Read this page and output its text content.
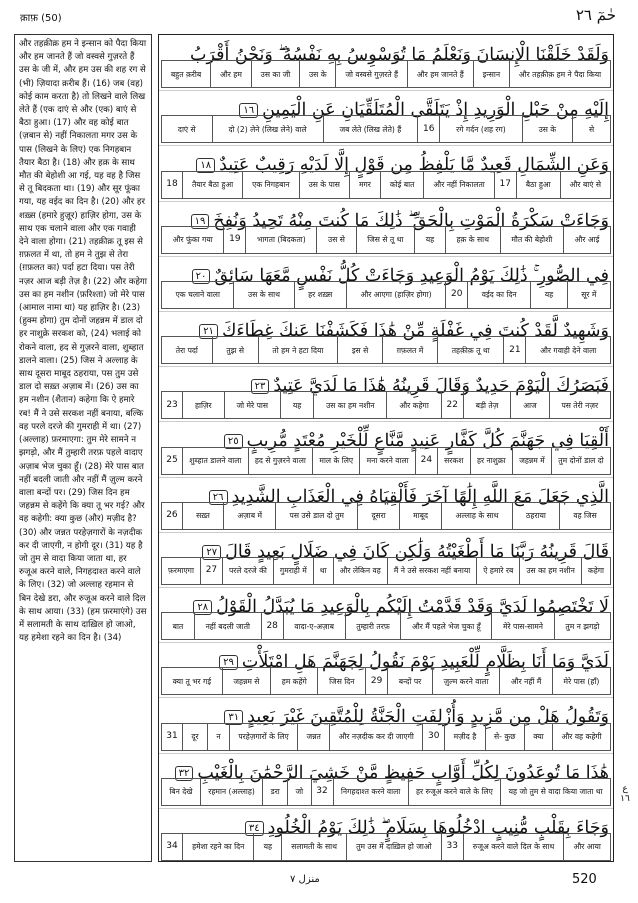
क़ाफ़ (50)	حٰمٓ ٢٦

और तहक़ीक़ हम ने इन्सान को पैदा किया और हम जानते हैं जो वस्वसे गुज़रते हैं उस के जी में, और हम उस की शह रग से (भी) ज़ियादा क़रीब हैं। (16) जब (वह) कोई काम करता है) तो लिखने वाले लिख लेते हैं (एक दाएं से और (एक) बाएं से बैठा हुआ। (17) और वह कोई बात (ज़बान से) नहीं निकालता मगर उस के पास (लिखने के लिए) एक निगहबान तैयार बैठा है। (18) और हक़ के साथ मौत की बेहोशी आ गई, यह वह है जिस से तू बिदकता था। (19) और सूर फूंका गया, यह वईद का दिन है। (20) और हर शख़्स (हमारे हुज़ूर) हाज़िर होगा, उस के साथ एक चलाने वाला और एक गवाही देने वाला होगा। (21) तहक़ीक़ तू इस से ग़फ़लत में था, तो हम ने तुझ से तेरा (ग़फ़लत का) पर्दा हटा दिया। पस तेरी नज़र आज बड़ी तेज़ है। (22) और कहेगा उस का हम नशीन (फ़रिश्ता) जो मेरे पास (आमाल नामा था) यह हाज़िर है। (23) (हुक्म होगा) तुम दोनों जहन्नम में डाल दो हर नाशुक्रे सरकश को, (24) भलाई को रोकने वाला, हद से गुज़रने वाला, शुब्हात डालने वाला। (25) जिस ने अल्लाह के साथ दूसरा माबूद ठहराया, पस तुम उसे डाल दो सख़्त अज़ाब में। (26) उस का हम नशीन (शैतान) कहेगा कि ऐ हमारे रब! मैं ने उसे सरकश नहीं बनाया, बल्कि वह परले दरजे की गुमराही में था। (27) (अल्लाह) फ़रमाएगा: तुम मेरे सामने न झगड़ो, और मैं तुम्हारी तरफ़ पहले वादाए अज़ाब भेज चुका हूँ। (28) मेरे पास बात नहीं बदली जाती और नहीं मैं ज़ुल्म करने वाला बन्दों पर। (29) जिस दिन हम जहन्नम से कहेंगे कि क्या तू भर गई? और वह कहेगी: क्या कुछ (और) मज़ीद है? (30) और जन्नत परहेज़गारों के नज़दीक कर दी जाएगी, न होगी दूर। (31) यह है जो तुम से वादा किया जाता था, हर रुजूअ करने वाले, निगहदाश्त करने वाले के लिए। (32) जो अल्लाह रहमान से बिन देखे डरा, और रुजूअ करने वाले दिल के साथ आया। (33) (हम फ़रमाएंगे) उस में सलामती के साथ दाख़िल हो जाओ, यह हमेशा रहने का दिन है। (34)

وَلَقَدْ خَلَقْنَا الْإِنسَانَ وَنَعْلَمُ مَا تُوَسْوِسُ بِهِ نَفْسُهُ ۖ وَنَحْنُ أَقْرَبُ
और तहक़ीक़ हम ने पैदा किया
इन्सान
और हम जानते हैं
जो वस्वसे गुज़रते हैं
उस के
उस का जी
और हम
बहुत क़रीब
إِلَيْهِ مِنْ حَبْلِ الْوَرِيدِ إِذْ يَتَلَقَّى الْمُتَلَقِّيَانِ عَنِ الْيَمِينِ١٦
से
उस के
रगे गर्दन (शह रग)
16
जब लेते (लिख लेते) हैं
दो (2) लेने (लिख लेने) वाले
दाएं से
وَعَنِ الشِّمَالِ قَعِيدٌ مَّا يَلْفِظُ مِن قَوْلٍ إِلَّا لَدَيْهِ رَقِيبٌ عَتِيدٌ١٨
और बाएं से
बैठा हुआ
17
और नहीं निकालता
कोई बात
मगर
उस के पास
एक निगहबान
तैयार बैठा हुआ
18
وَجَاءَتْ سَكْرَةُ الْمَوْتِ بِالْحَقِّ ۖ ذَٰلِكَ مَا كُنتَ مِنْهُ تَحِيدُ وَنُفِخَ١٩
और आई
मौत की बेहोशी
हक़ के साथ
यह
जिस से तू था
उस से
भागता (बिदकता)
19
और फूंका गया
فِي الصُّورِ ۚ ذَٰلِكَ يَوْمُ الْوَعِيدِ وَجَاءَتْ كُلُّ نَفْسٍ مَّعَهَا سَائِقٌ٢٠
सूर में
यह
वईद का दिन
20
और आएगा (हाज़िर होगा)
हर शख़्स
उस के साथ
एक चलाने वाला
وَشَهِيدٌ لَّقَدْ كُنتَ فِي غَفْلَةٍ مِّنْ هَٰذَا فَكَشَفْنَا عَنكَ غِطَاءَكَ٢١
और गवाही देने वाला
21
तहक़ीक़ तू था
ग़फ़लत में
इस से
तो हम ने हटा दिया
तुझ से
तेरा पर्दा
فَبَصَرُكَ الْيَوْمَ حَدِيدٌ وَقَالَ قَرِينُهُ هَٰذَا مَا لَدَيَّ عَتِيدٌ٢٣
पस तेरी नज़र
आज
बड़ी तेज़
22
और कहेगा
उस का हम नशीन
यह
जो मेरे पास
हाज़िर
23
أَلْقِيَا فِي جَهَنَّمَ كُلَّ كَفَّارٍ عَنِيدٍ مَّنَّاعٍ لِّلْخَيْرِ مُعْتَدٍ مُّرِيبٍ٢٥
तुम दोनों डाल दो
जहन्नम में
हर नाशुक्रा
सरकश
24
मना करने वाला
माल के लिए
हद से गुज़रने वाला
शुब्हात डालने वाला
25
الَّذِي جَعَلَ مَعَ اللَّهِ إِلَٰهًا آخَرَ فَأَلْقِيَاهُ فِي الْعَذَابِ الشَّدِيدِ٢٦
वह जिस
ठहराया
अल्लाह के साथ
माबूद
दूसरा
पस उसे डाल दो तुम
अज़ाब में
सख़्त
26
قَالَ قَرِينُهُ رَبَّنَا مَا أَطْغَيْتُهُ وَلَٰكِن كَانَ فِي ضَلَالٍ بَعِيدٍ قَالَ٢٧
कहेगा
उस का हम नशीन
ऐ हमारे रब
मैं ने उसे सरकश नहीं बनाया
और लेकिन वह
था
गुमराही में
परले दरजे की
27
फ़रमाएगा
لَا تَخْتَصِمُوا لَدَيَّ وَقَدْ قَدَّمْتُ إِلَيْكُم بِالْوَعِيدِ مَا يُبَدَّلُ الْقَوْلُ٢٨
तुम न झगड़ो
मेरे पास-सामने
और मैं पहले भेज चुका हूँ
तुम्हारी तरफ़
वादा-ए-अज़ाब
28
नहीं बदली जाती
बात
لَدَيَّ وَمَا أَنَا بِظَلَّامٍ لِّلْعَبِيدِ يَوْمَ نَقُولُ لِجَهَنَّمَ هَلِ امْتَلَأْتِ٢٩
मेरे पास (हाँ)
और नहीं मैं
ज़ुल्म करने वाला
बन्दों पर
29
जिस दिन
हम कहेंगे
जहन्नम से
क्या तू भर गई
وَتَقُولُ هَلْ مِن مَّزِيدٍ وَأُزْلِفَتِ الْجَنَّةُ لِلْمُتَّقِينَ غَيْرَ بَعِيدٍ٣١
और वह कहेगी
क्या
से- कुछ
मज़ीद है
30
और नज़दीक कर दी जाएगी
जन्नत
परहेज़गारों के लिए
न
दूर
31
هَٰذَا مَا تُوعَدُونَ لِكُلِّ أَوَّابٍ حَفِيظٍ مَّنْ خَشِيَ الرَّحْمَٰنَ بِالْغَيْبِ٣٢
यह जो तुम से वादा किया जाता था
हर रुजूअ करने वाले के लिए
निगहदाश्त करने वाला
32
जो
डरा
रहमान (अल्लाह)
बिन देखे
وَجَاءَ بِقَلْبٍ مُّنِيبٍ ادْخُلُوهَا بِسَلَامٍ ۖ ذَٰلِكَ يَوْمُ الْخُلُودِ٣٤
और आया
रुजूअ करने वाले दिल के साथ
33
तुम उस में दाख़िल हो जाओ
सलामती के साथ
यह
हमेशा रहने का दिन
34
ع ١٦
منزل ٧	520
